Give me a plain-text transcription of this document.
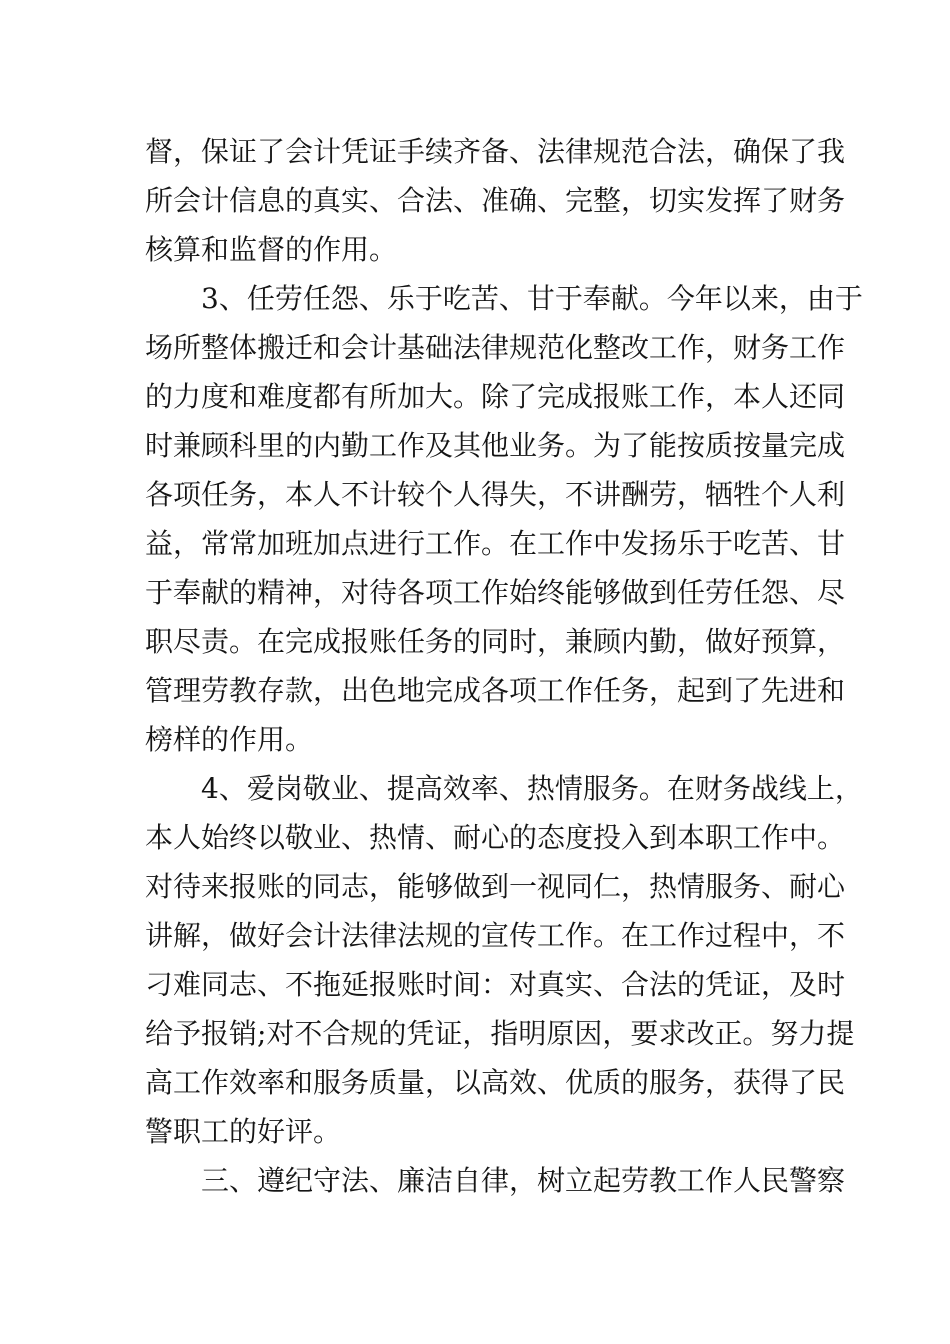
督，保证了会计凭证手续齐备、法律规范合法，确保了我
所会计信息的真实、合法、准确、完整，切实发挥了财务
核算和监督的作用。
3、任劳任怨、乐于吃苦、甘于奉献。今年以来，由于
场所整体搬迁和会计基础法律规范化整改工作，财务工作
的力度和难度都有所加大。除了完成报账工作，本人还同
时兼顾科里的内勤工作及其他业务。为了能按质按量完成
各项任务，本人不计较个人得失，不讲酬劳，牺牲个人利
益，常常加班加点进行工作。在工作中发扬乐于吃苦、甘
于奉献的精神，对待各项工作始终能够做到任劳任怨、尽
职尽责。在完成报账任务的同时，兼顾内勤，做好预算，
管理劳教存款，出色地完成各项工作任务，起到了先进和
榜样的作用。
4、爱岗敬业、提高效率、热情服务。在财务战线上，
本人始终以敬业、热情、耐心的态度投入到本职工作中。
对待来报账的同志，能够做到一视同仁，热情服务、耐心
讲解，做好会计法律法规的宣传工作。在工作过程中，不
刁难同志、不拖延报账时间：对真实、合法的凭证，及时
给予报销;对不合规的凭证，指明原因，要求改正。努力提
高工作效率和服务质量，以高效、优质的服务，获得了民
警职工的好评。
三、遵纪守法、廉洁自律，树立起劳教工作人民警察
